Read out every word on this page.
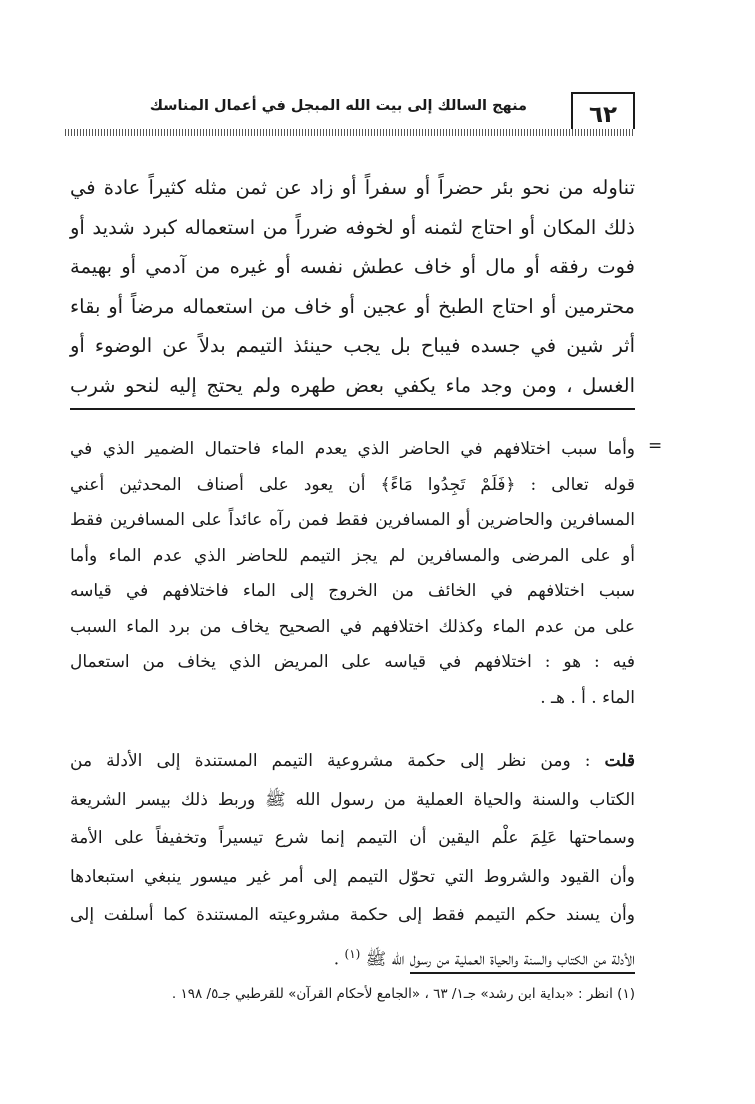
٦٢
منهج السالك إلى بيت الله المبجل في أعمال المناسك
تناوله من نحو بئر حضراً أو سفراً أو زاد عن ثمن مثله كثيراً عادة في
ذلك المكان أو احتاج لثمنه أو لخوفه ضرراً من استعماله كبرد شديد أو
فوت رفقه أو مال أو خاف عطش نفسه أو غيره من آدمي أو بهيمة
محترمين أو احتاج الطبخ أو عجين أو خاف من استعماله مرضاً أو بقاء
أثر شين في جسده فيباح بل يجب حينئذ التيمم بدلاً عن الوضوء أو
الغسل ، ومن وجد ماء يكفي بعض طهره ولم يحتج إليه لنحو شرب
=
وأما سبب اختلافهم في الحاضر الذي يعدم الماء فاحتمال الضمير الذي في
قوله تعالى : ﴿فَلَمْ تَجِدُوا مَاءً﴾ أن يعود على أصناف المحدثين أعني
المسافرين والحاضرين أو المسافرين فقط فمن رآه عائداً على المسافرين فقط
أو على المرضى والمسافرين لم يجز التيمم للحاضر الذي عدم الماء وأما
سبب اختلافهم في الخائف من الخروج إلى الماء فاختلافهم في قياسه
على من عدم الماء وكذلك اختلافهم في الصحيح يخاف من برد الماء السبب
فيه : هو : اختلافهم في قياسه على المريض الذي يخاف من استعمال
الماء . أ . هـ .
قلت : ومن نظر إلى حكمة مشروعية التيمم المستندة إلى الأدلة من
الكتاب والسنة والحياة العملية من رسول الله ﷺ وربط ذلك بيسر الشريعة
وسماحتها عَلِمَ علْم اليقين أن التيمم إنما شرع تيسيراً وتخفيفاً على الأمة
وأن القيود والشروط التي تحوّل التيمم إلى أمر غير ميسور ينبغي استبعادها
وأن يسند حكم التيمم فقط إلى حكمة مشروعيته المستندة كما أسلفت إلى
الأدلة من الكتاب والسنة والحياة العملية من رسول الله ﷺ $^{(١)}$ .
(١) انظر : «بداية ابن رشد» جـ١/ ٦٣ ، «الجامع لأحكام القرآن» للقرطبي جـ٥/ ١٩٨ .
